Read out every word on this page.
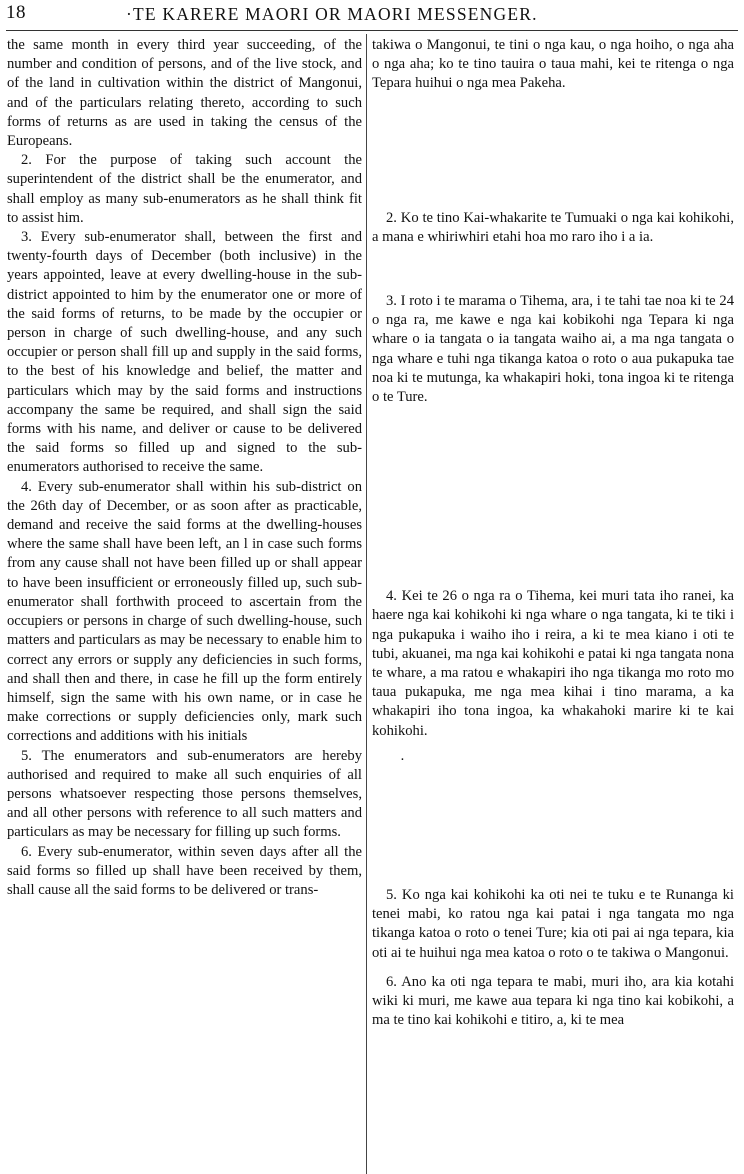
18	·TE KARERE MAORI OR MAORI MESSENGER.

the same month in every third year succeeding, of the number and condition of persons, and of the live stock, and of the land in cultivation within the district of Mangonui, and of the particulars relating thereto, according to such forms of returns as are used in taking the census of the Europeans.

2. For the purpose of taking such account the superintendent of the district shall be the enumerator, and shall employ as many sub-enumerators as he shall think fit to assist him.

3. Every sub-enumerator shall, between the first and twenty-fourth days of December (both inclusive) in the years appointed, leave at every dwelling-house in the sub-district appointed to him by the enumerator one or more of the said forms of returns, to be made by the occupier or person in charge of such dwelling-house, and any such occupier or person shall fill up and supply in the said forms, to the best of his knowledge and belief, the matter and particulars which may by the said forms and instructions accompany the same be required, and shall sign the said forms with his name, and deliver or cause to be delivered the said forms so filled up and signed to the sub-enumerators authorised to receive the same.

4. Every sub-enumerator shall within his sub-district on the 26th day of December, or as soon after as practicable, demand and receive the said forms at the dwelling-houses where the same shall have been left, an l in case such forms from any cause shall not have been filled up or shall appear to have been insufficient or erroneously filled up, such sub-enumerator shall forthwith proceed to ascertain from the occupiers or persons in charge of such dwelling-house, such matters and particulars as may be necessary to enable him to correct any errors or supply any deficiencies in such forms, and shall then and there, in case he fill up the form entirely himself, sign the same with his own name, or in case he make corrections or supply deficiencies only, mark such corrections and additions with his initials

5. The enumerators and sub-enumerators are hereby authorised and required to make all such enquiries of all persons whatsoever respecting those persons themselves, and all other persons with reference to all such matters and particulars as may be necessary for filling up such forms.

6. Every sub-enumerator, within seven days after all the said forms so filled up shall have been received by them, shall cause all the said forms to be delivered or trans-

takiwa o Mangonui, te tini o nga kau, o nga hoiho, o nga aha o nga aha; ko te tino tauira o taua mahi, kei te ritenga o nga Tepara huihui o nga mea Pakeha.

2. Ko te tino Kai-whakarite te Tumuaki o nga kai kohikohi, a mana e whiriwhiri etahi hoa mo raro iho i a ia.

3. I roto i te marama o Tihema, ara, i te tahi tae noa ki te 24 o nga ra, me kawe e nga kai kobikohi nga Tepara ki nga whare o ia tangata o ia tangata waiho ai, a ma nga tangata o nga whare e tuhi nga tikanga katoa o roto o aua pukapuka tae noa ki te mutunga, ka whakapiri hoki, tona ingoa ki te ritenga o te Ture.

4. Kei te 26 o nga ra o Tihema, kei muri tata iho ranei, ka haere nga kai kohikohi ki nga whare o nga tangata, ki te tiki i nga pukapuka i waiho iho i reira, a ki te mea kiano i oti te tubi, akuanei, ma nga kai kohikohi e patai ki nga tangata nona te whare, a ma ratou e whakapiri iho nga tikanga mo roto mo taua pukapuka, me nga mea kihai i tino marama, a ka whakapiri iho tona ingoa, ka whakahoki marire ki te kai kohikohi.

·

5. Ko nga kai kohikohi ka oti nei te tuku e te Runanga ki tenei mabi, ko ratou nga kai patai i nga tangata mo nga tikanga katoa o roto o tenei Ture; kia oti pai ai nga tepara, kia oti ai te huihui nga mea katoa o roto o te takiwa o Mangonui.

6. Ano ka oti nga tepara te mabi, muri iho, ara kia kotahi wiki ki muri, me kawe aua tepara ki nga tino kai kobikohi, a ma te tino kai kohikohi e titiro, a, ki te mea
